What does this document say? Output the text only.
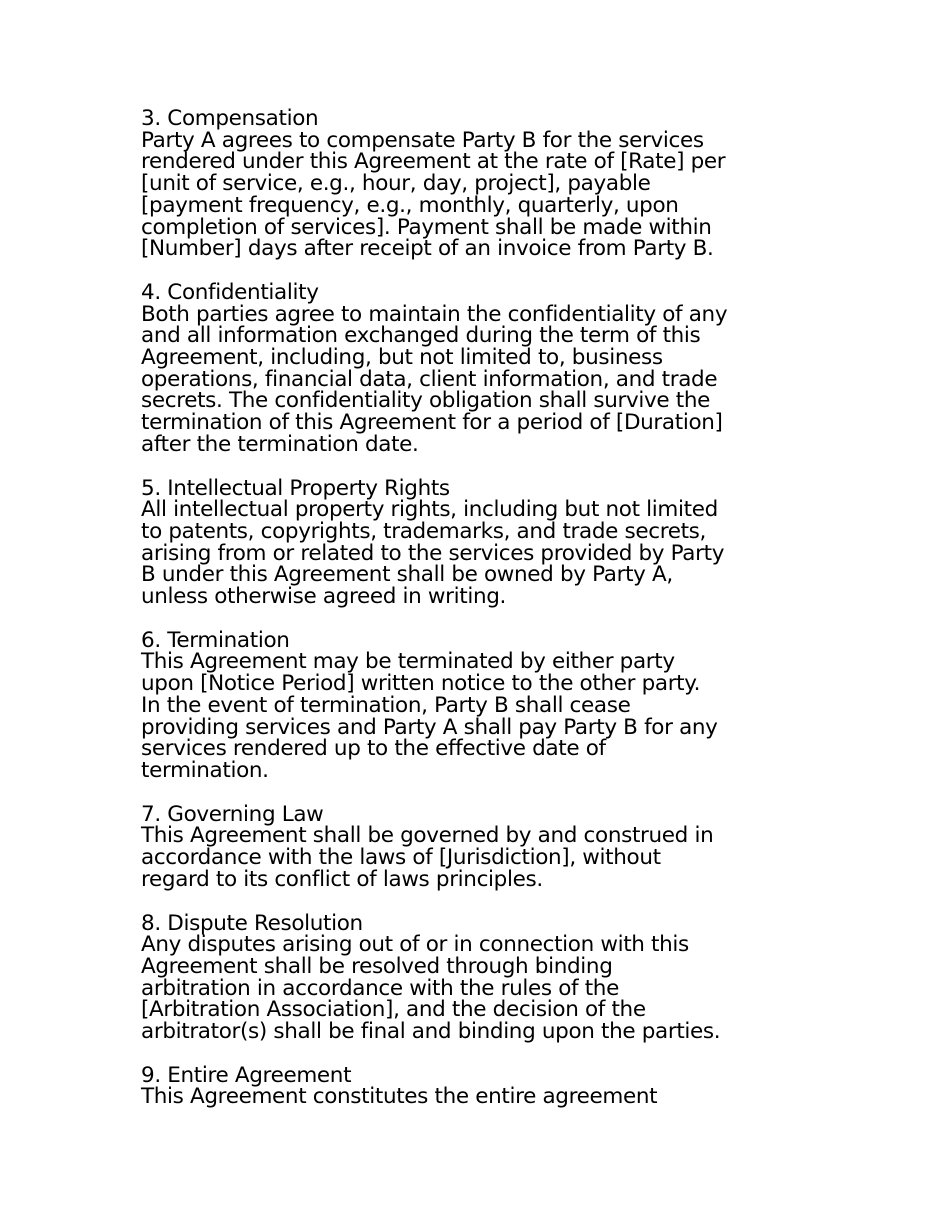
3. Compensation
Party A agrees to compensate Party B for the services
rendered under this Agreement at the rate of [Rate] per
[unit of service, e.g., hour, day, project], payable
[payment frequency, e.g., monthly, quarterly, upon
completion of services]. Payment shall be made within
[Number] days after receipt of an invoice from Party B.
4. Confidentiality
Both parties agree to maintain the confidentiality of any
and all information exchanged during the term of this
Agreement, including, but not limited to, business
operations, financial data, client information, and trade
secrets. The confidentiality obligation shall survive the
termination of this Agreement for a period of [Duration]
after the termination date.
5. Intellectual Property Rights
All intellectual property rights, including but not limited
to patents, copyrights, trademarks, and trade secrets,
arising from or related to the services provided by Party
B under this Agreement shall be owned by Party A,
unless otherwise agreed in writing.
6. Termination
This Agreement may be terminated by either party
upon [Notice Period] written notice to the other party.
In the event of termination, Party B shall cease
providing services and Party A shall pay Party B for any
services rendered up to the effective date of
termination.
7. Governing Law
This Agreement shall be governed by and construed in
accordance with the laws of [Jurisdiction], without
regard to its conflict of laws principles.
8. Dispute Resolution
Any disputes arising out of or in connection with this
Agreement shall be resolved through binding
arbitration in accordance with the rules of the
[Arbitration Association], and the decision of the
arbitrator(s) shall be final and binding upon the parties.
9. Entire Agreement
This Agreement constitutes the entire agreement
